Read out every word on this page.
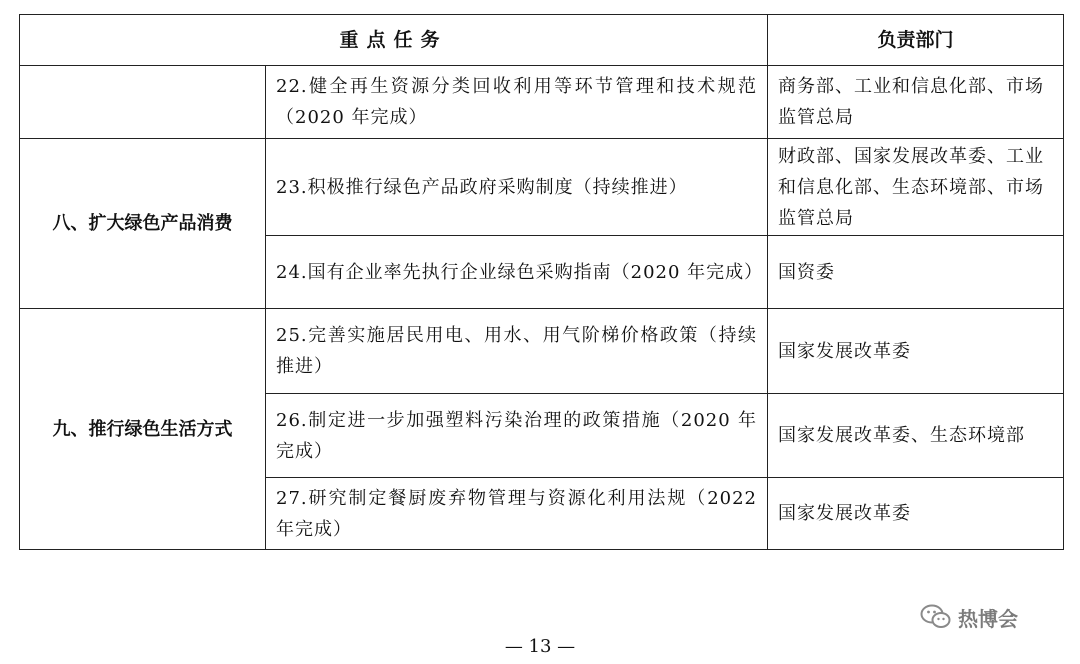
重点任务		负责部门
	22.健全再生资源分类回收利用等环节管理和技术规范（2020 年完成）	商务部、工业和信息化部、市场监管总局
八、扩大绿色产品消费	23.积极推行绿色产品政府采购制度（持续推进）	财政部、国家发展改革委、工业和信息化部、生态环境部、市场监管总局
	24.国有企业率先执行企业绿色采购指南（2020 年完成）	国资委
九、推行绿色生活方式	25.完善实施居民用电、用水、用气阶梯价格政策（持续推进）	国家发展改革委
	26.制定进一步加强塑料污染治理的政策措施（2020 年完成）	国家发展改革委、生态环境部
	27.研究制定餐厨废弃物管理与资源化利用法规（2022 年完成）	国家发展改革委
热博会
— 13 —
